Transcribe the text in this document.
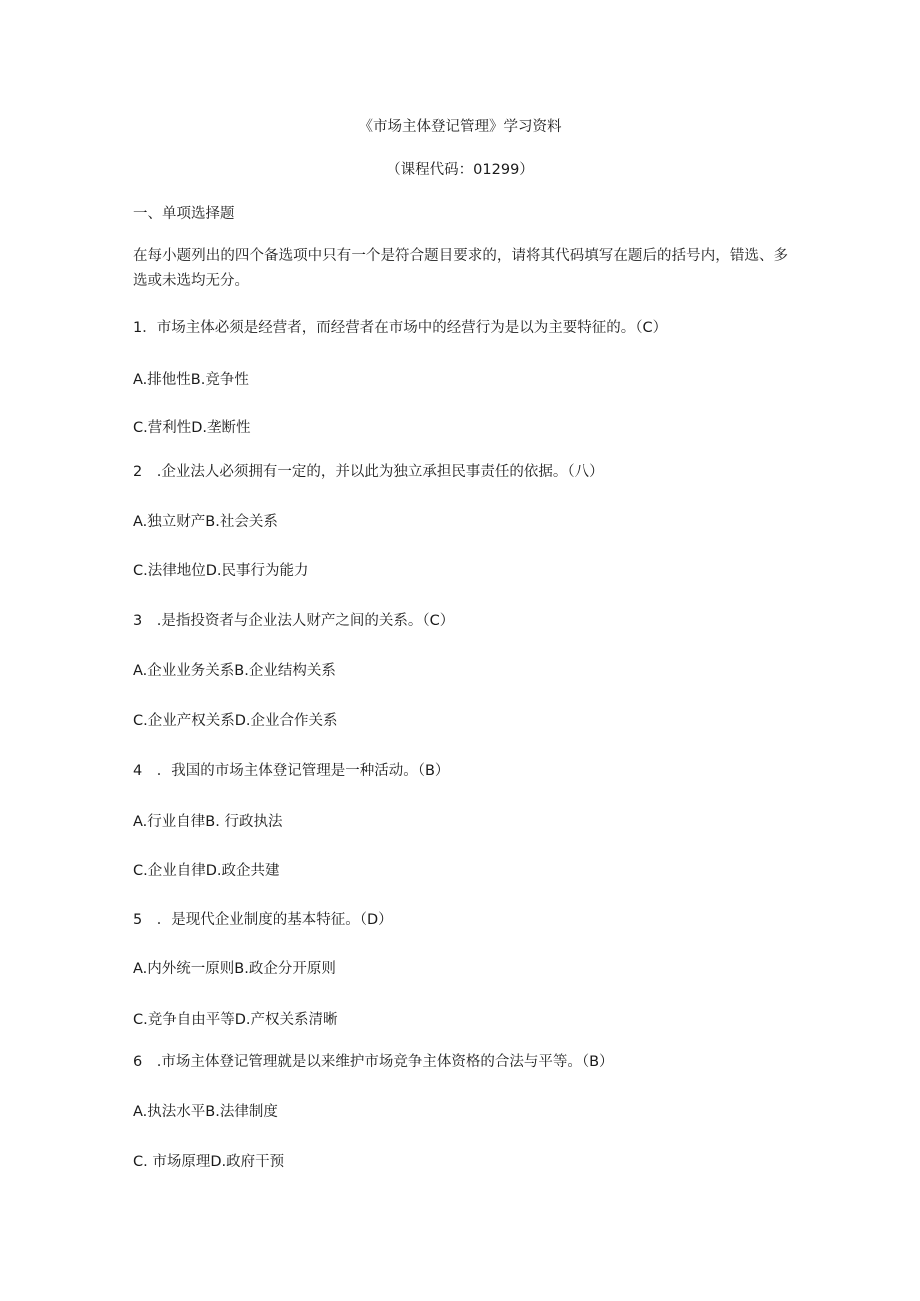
《市场主体登记管理》学习资料
（课程代码：01299）
一、单项选择题
在每小题列出的四个备选项中只有一个是符合题目要求的，请将其代码填写在题后的括号内，错选、多选或未选均无分。
1．市场主体必须是经营者，而经营者在市场中的经营行为是以为主要特征的。（C）
A.排他性B.竞争性
C.营利性D.垄断性
2　.企业法人必须拥有一定的，并以此为独立承担民事责任的依据。（八）
A.独立财产B.社会关系
C.法律地位D.民事行为能力
3　.是指投资者与企业法人财产之间的关系。（C）
A.企业业务关系B.企业结构关系
C.企业产权关系D.企业合作关系
4　．我国的市场主体登记管理是一种活动。（B）
A.行业自律B. 行政执法
C.企业自律D.政企共建
5　．是现代企业制度的基本特征。（D）
A.内外统一原则B.政企分开原则
C.竞争自由平等D.产权关系清晰
6　.市场主体登记管理就是以来维护市场竞争主体资格的合法与平等。（B）
A.执法水平B.法律制度
C. 市场原理D.政府干预
